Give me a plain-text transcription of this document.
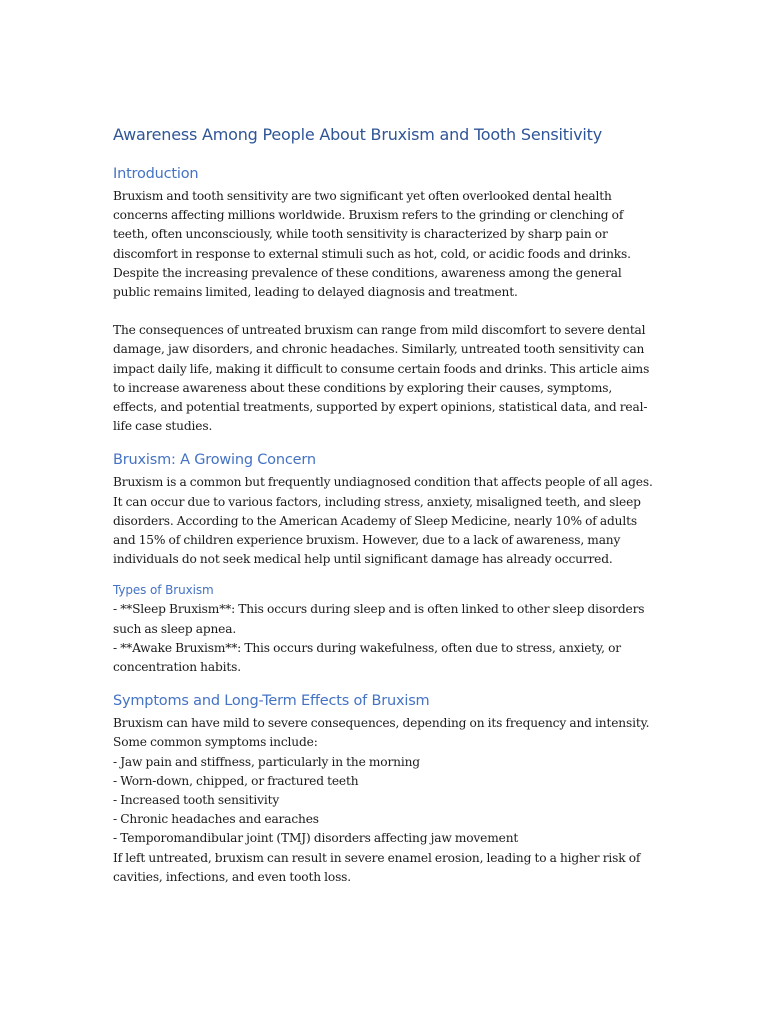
Awareness Among People About Bruxism and Tooth Sensitivity
Introduction

Bruxism and tooth sensitivity are two significant yet often overlooked dental health concerns affecting millions worldwide. Bruxism refers to the grinding or clenching of teeth, often unconsciously, while tooth sensitivity is characterized by sharp pain or discomfort in response to external stimuli such as hot, cold, or acidic foods and drinks. Despite the increasing prevalence of these conditions, awareness among the general public remains limited, leading to delayed diagnosis and treatment.

The consequences of untreated bruxism can range from mild discomfort to severe dental damage, jaw disorders, and chronic headaches. Similarly, untreated tooth sensitivity can impact daily life, making it difficult to consume certain foods and drinks. This article aims to increase awareness about these conditions by exploring their causes, symptoms, effects, and potential treatments, supported by expert opinions, statistical data, and real-life case studies.

Bruxism: A Growing Concern

Bruxism is a common but frequently undiagnosed condition that affects people of all ages. It can occur due to various factors, including stress, anxiety, misaligned teeth, and sleep disorders. According to the American Academy of Sleep Medicine, nearly 10% of adults and 15% of children experience bruxism. However, due to a lack of awareness, many individuals do not seek medical help until significant damage has already occurred.

Types of Bruxism

- **Sleep Bruxism**: This occurs during sleep and is often linked to other sleep disorders such as sleep apnea.

- **Awake Bruxism**: This occurs during wakefulness, often due to stress, anxiety, or concentration habits.

Symptoms and Long-Term Effects of Bruxism

Bruxism can have mild to severe consequences, depending on its frequency and intensity. Some common symptoms include:

- Jaw pain and stiffness, particularly in the morning
- Worn-down, chipped, or fractured teeth
- Increased tooth sensitivity
- Chronic headaches and earaches
- Temporomandibular joint (TMJ) disorders affecting jaw movement

If left untreated, bruxism can result in severe enamel erosion, leading to a higher risk of cavities, infections, and even tooth loss.
